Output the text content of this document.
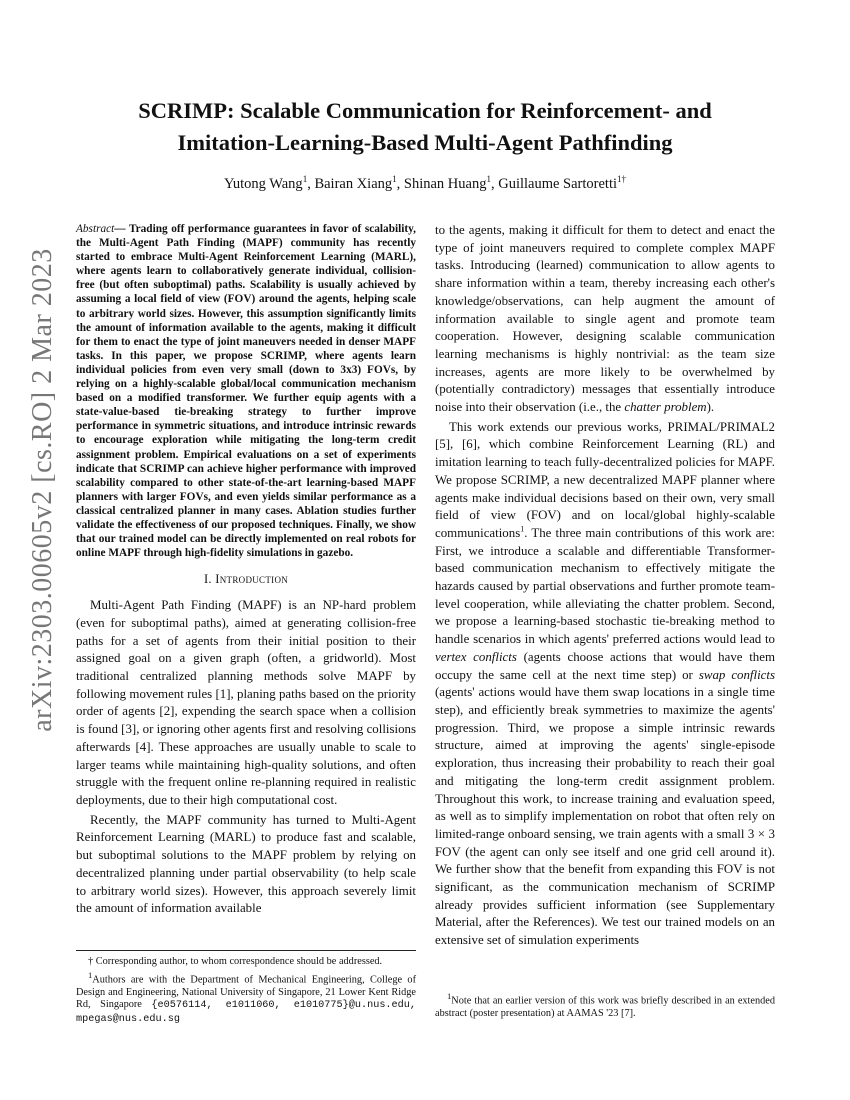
arXiv:2303.00605v2 [cs.RO] 2 Mar 2023
SCRIMP: Scalable Communication for Reinforcement- and
Imitation-Learning-Based Multi-Agent Pathfinding
Yutong Wang$^1$, Bairan Xiang$^1$, Shinan Huang$^1$, Guillaume Sartoretti$^{1\dagger}$

Abstract— Trading off performance guarantees in favor of scalability, the Multi-Agent Path Finding (MAPF) community has recently started to embrace Multi-Agent Reinforcement Learning (MARL), where agents learn to collaboratively generate individual, collision-free (but often suboptimal) paths. Scalability is usually achieved by assuming a local field of view (FOV) around the agents, helping scale to arbitrary world sizes. However, this assumption significantly limits the amount of information available to the agents, making it difficult for them to enact the type of joint maneuvers needed in denser MAPF tasks. In this paper, we propose SCRIMP, where agents learn individual policies from even very small (down to 3x3) FOVs, by relying on a highly-scalable global/local communication mechanism based on a modified transformer. We further equip agents with a state-value-based tie-breaking strategy to further improve performance in symmetric situations, and introduce intrinsic rewards to encourage exploration while mitigating the long-term credit assignment problem. Empirical evaluations on a set of experiments indicate that SCRIMP can achieve higher performance with improved scalability compared to other state-of-the-art learning-based MAPF planners with larger FOVs, and even yields similar performance as a classical centralized planner in many cases. Ablation studies further validate the effectiveness of our proposed techniques. Finally, we show that our trained model can be directly implemented on real robots for online MAPF through high-fidelity simulations in gazebo.

I. Introduction

Multi-Agent Path Finding (MAPF) is an NP-hard problem (even for suboptimal paths), aimed at generating collision-free paths for a set of agents from their initial position to their assigned goal on a given graph (often, a gridworld). Most traditional centralized planning methods solve MAPF by following movement rules [1], planing paths based on the priority order of agents [2], expending the search space when a collision is found [3], or ignoring other agents first and resolving collisions afterwards [4]. These approaches are usually unable to scale to larger teams while maintaining high-quality solutions, and often struggle with the frequent online re-planning required in realistic deployments, due to their high computational cost.

Recently, the MAPF community has turned to Multi-Agent Reinforcement Learning (MARL) to produce fast and scalable, but suboptimal solutions to the MAPF problem by relying on decentralized planning under partial observability (to help scale to arbitrary world sizes). However, this approach severely limit the amount of information available

to the agents, making it difficult for them to detect and enact the type of joint maneuvers required to complete complex MAPF tasks. Introducing (learned) communication to allow agents to share information within a team, thereby increasing each other's knowledge/observations, can help augment the amount of information available to single agent and promote team cooperation. However, designing scalable communication learning mechanisms is highly nontrivial: as the team size increases, agents are more likely to be overwhelmed by (potentially contradictory) messages that essentially introduce noise into their observation (i.e., the chatter problem).

This work extends our previous works, PRIMAL/PRIMAL2 [5], [6], which combine Reinforcement Learning (RL) and imitation learning to teach fully-decentralized policies for MAPF. We propose SCRIMP, a new decentralized MAPF planner where agents make individual decisions based on their own, very small field of view (FOV) and on local/global highly-scalable communications$^1$. The three main contributions of this work are: First, we introduce a scalable and differentiable Transformer-based communication mechanism to effectively mitigate the hazards caused by partial observations and further promote team-level cooperation, while alleviating the chatter problem. Second, we propose a learning-based stochastic tie-breaking method to handle scenarios in which agents' preferred actions would lead to vertex conflicts (agents choose actions that would have them occupy the same cell at the next time step) or swap conflicts (agents' actions would have them swap locations in a single time step), and efficiently break symmetries to maximize the agents' progression. Third, we propose a simple intrinsic rewards structure, aimed at improving the agents' single-episode exploration, thus increasing their probability to reach their goal and mitigating the long-term credit assignment problem. Throughout this work, to increase training and evaluation speed, as well as to simplify implementation on robot that often rely on limited-range onboard sensing, we train agents with a small 3 × 3 FOV (the agent can only see itself and one grid cell around it). We further show that the benefit from expanding this FOV is not significant, as the communication mechanism of SCRIMP already provides sufficient information (see Supplementary Material, after the References). We test our trained models on an extensive set of simulation experiments

† Corresponding author, to whom correspondence should be addressed.

$^1$Authors are with the Department of Mechanical Engineering, College of Design and Engineering, National University of Singapore, 21 Lower Kent Ridge Rd, Singapore {e0576114, e1011060, e1010775}@u.nus.edu, mpegas@nus.edu.sg

$^1$Note that an earlier version of this work was briefly described in an extended abstract (poster presentation) at AAMAS '23 [7].
